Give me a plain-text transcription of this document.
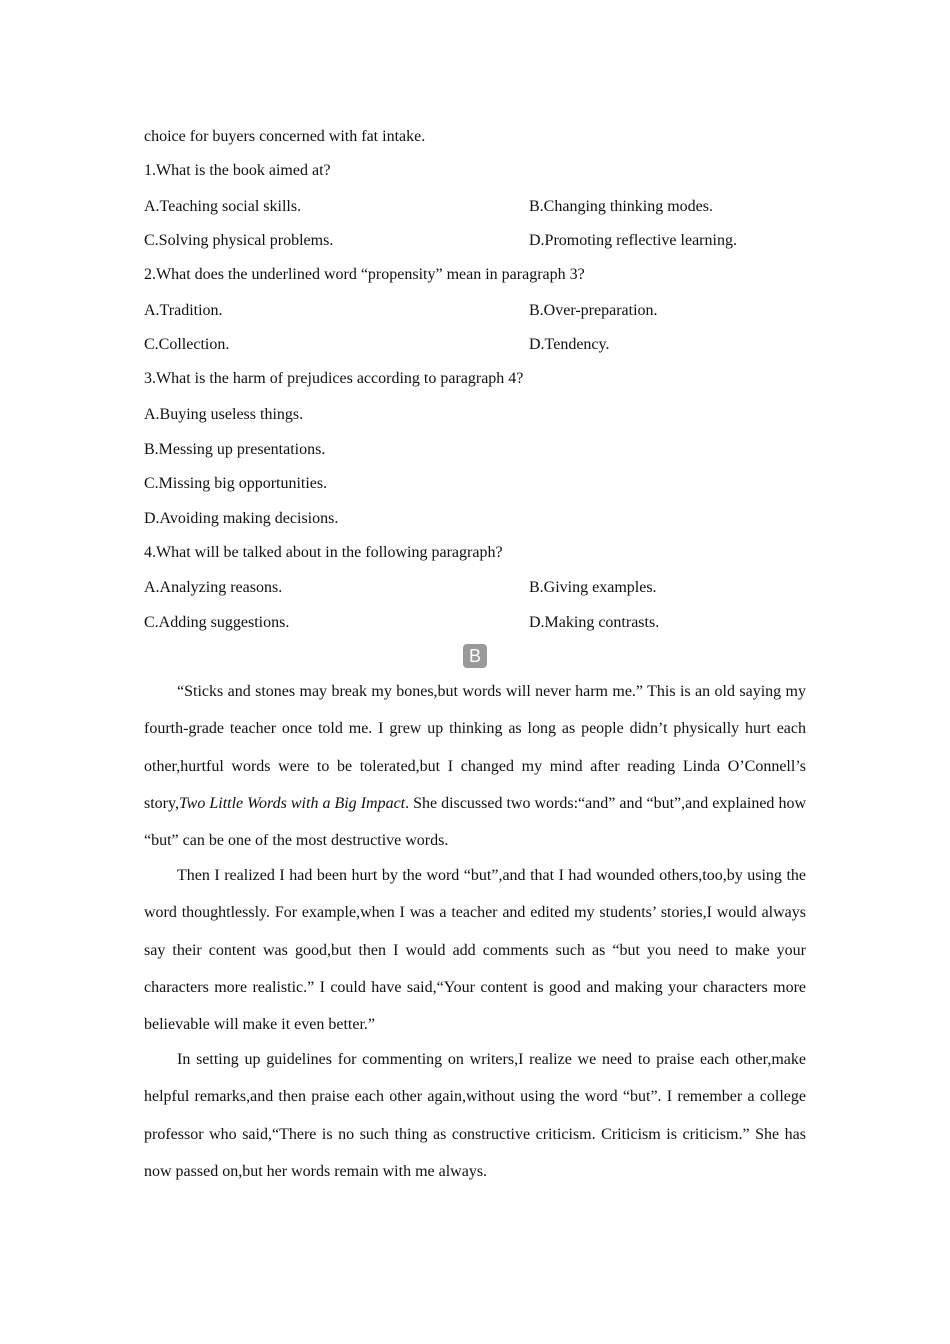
choice for buyers concerned with fat intake.
1.What is the book aimed at?
A.Teaching social skills.	B.Changing thinking modes.
C.Solving physical problems.	D.Promoting reflective learning.
2.What does the underlined word “propensity” mean in paragraph 3?
A.Tradition.	B.Over-preparation.
C.Collection.	D.Tendency.
3.What is the harm of prejudices according to paragraph 4?
A.Buying useless things.
B.Messing up presentations.
C.Missing big opportunities.
D.Avoiding making decisions.
4.What will be talked about in the following paragraph?
A.Analyzing reasons.	B.Giving examples.
C.Adding suggestions.	D.Making contrasts.
B
“Sticks and stones may break my bones,but words will never harm me.” This is an old saying my fourth-grade teacher once told me. I grew up thinking as long as people didn’t physically hurt each other,hurtful words were to be tolerated,but I changed my mind after reading Linda O’Connell’s story,Two Little Words with a Big Impact. She discussed two words:“and” and “but”,and explained how “but” can be one of the most destructive words.
Then I realized I had been hurt by the word “but”,and that I had wounded others,too,by using the word thoughtlessly. For example,when I was a teacher and edited my students’ stories,I would always say their content was good,but then I would add comments such as “but you need to make your characters more realistic.” I could have said,“Your content is good and making your characters more believable will make it even better.”
In setting up guidelines for commenting on writers,I realize we need to praise each other,make helpful remarks,and then praise each other again,without using the word “but”. I remember a college professor who said,“There is no such thing as constructive criticism. Criticism is criticism.” She has now passed on,but her words remain with me always.
